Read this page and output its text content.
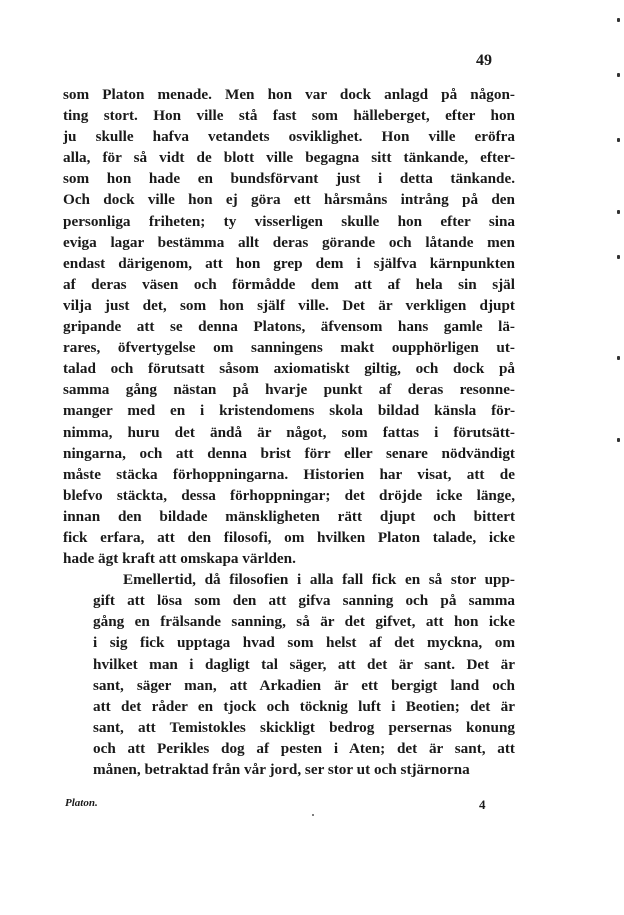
49
som Platon menade. Men hon var dock anlagd på någon-
ting stort. Hon ville stå fast som hälleberget, efter hon
ju skulle hafva vetandets osviklighet. Hon ville eröfra
alla, för så vidt de blott ville begagna sitt tänkande, efter-
som hon hade en bundsförvant just i detta tänkande.
Och dock ville hon ej göra ett hårsmåns intrång på den
personliga friheten; ty visserligen skulle hon efter sina
eviga lagar bestämma allt deras görande och låtande men
endast därigenom, att hon grep dem i själfva kärnpunkten
af deras väsen och förmådde dem att af hela sin själ
vilja just det, som hon själf ville. Det är verkligen djupt
gripande att se denna Platons, äfvensom hans gamle lä-
rares, öfvertygelse om sanningens makt oupphörligen ut-
talad och förutsatt såsom axiomatiskt giltig, och dock på
samma gång nästan på hvarje punkt af deras resonne-
manger med en i kristendomens skola bildad känsla för-
nimma, huru det ändå är något, som fattas i förutsätt-
ningarna, och att denna brist förr eller senare nödvändigt
måste stäcka förhoppningarna. Historien har visat, att de
blefvo stäckta, dessa förhoppningar; det dröjde icke länge,
innan den bildade mänskligheten rätt djupt och bittert
fick erfara, att den filosofi, om hvilken Platon talade, icke
hade ägt kraft att omskapa världen.
Emellertid, då filosofien i alla fall fick en så stor upp-
gift att lösa som den att gifva sanning och på samma
gång en frälsande sanning, så är det gifvet, att hon icke
i sig fick upptaga hvad som helst af det myckna, om
hvilket man i dagligt tal säger, att det är sant. Det är
sant, säger man, att Arkadien är ett bergigt land och
att det råder en tjock och töcknig luft i Beotien; det är
sant, att Temistokles skickligt bedrog persernas konung
och att Perikles dog af pesten i Aten; det är sant, att
månen, betraktad från vår jord, ser stor ut och stjärnorna
Platon.	4
